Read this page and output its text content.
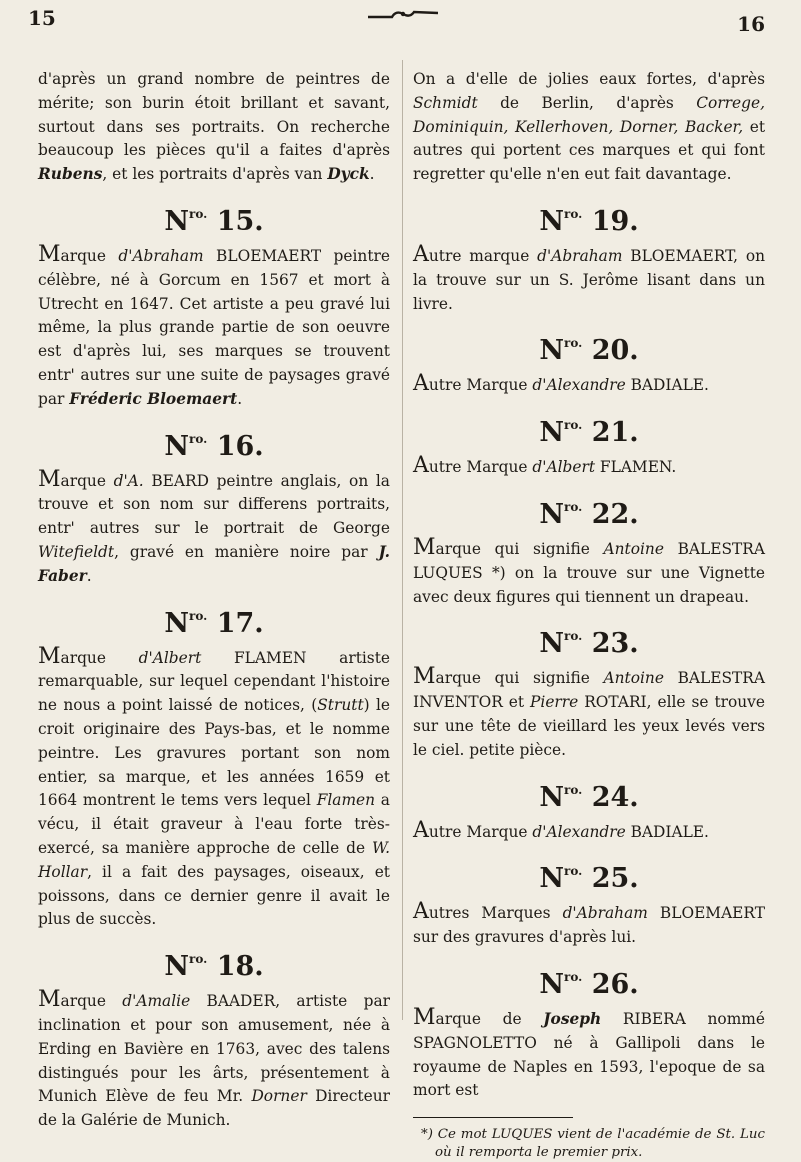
15	16

d'après un grand nombre de peintres de mérite; son burin étoit brillant et savant, surtout dans ses portraits. On recherche beaucoup les pièces qu'il a faites d'après Rubens, et les portraits d'après van Dyck.

$N^{ro.}$ 15.

Marque d'Abraham BLOEMAERT peintre célèbre, né à Gorcum en 1567 et mort à Utrecht en 1647. Cet artiste a peu gravé lui même, la plus grande partie de son oeuvre est d'après lui, ses marques se trouvent entr' autres sur une suite de paysages gravé par Fréderic Bloemaert.

$N^{ro.}$ 16.

Marque d'A. BEARD peintre anglais, on la trouve et son nom sur differens portraits, entr' autres sur le portrait de George Witefieldt, gravé en manière noire par J. Faber.

$N^{ro.}$ 17.

Marque d'Albert FLAMEN artiste remarquable, sur lequel cependant l'histoire ne nous a point laissé de notices, (Strutt) le croit originaire des Pays-bas, et le nomme peintre. Les gravures portant son nom entier, sa marque, et les années 1659 et 1664 montrent le tems vers lequel Flamen a vécu, il était graveur à l'eau forte très-exercé, sa manière approche de celle de W. Hollar, il a fait des paysages, oiseaux, et poissons, dans ce dernier genre il avait le plus de succès.

$N^{ro.}$ 18.

Marque d'Amalie BAADER, artiste par inclination et pour son amusement, née à Erding en Bavière en 1763, avec des talens distingués pour les ârts, présentement à Munich Elève de feu Mr. Dorner Directeur de la Galérie de Munich.

On a d'elle de jolies eaux fortes, d'après Schmidt de Berlin, d'après Correge, Dominiquin, Kellerhoven, Dorner, Backer, et autres qui portent ces marques et qui font regretter qu'elle n'en eut fait davantage.

$N^{ro.}$ 19.

Autre marque d'Abraham BLOEMAERT, on la trouve sur un S. Jerôme lisant dans un livre.

$N^{ro.}$ 20.

Autre Marque d'Alexandre BADIALE.

$N^{ro.}$ 21.

Autre Marque d'Albert FLAMEN.

$N^{ro.}$ 22.

Marque qui signifie Antoine BALESTRA LUQUES *) on la trouve sur une Vignette avec deux figures qui tiennent un drapeau.

$N^{ro.}$ 23.

Marque qui signifie Antoine BALESTRA INVENTOR et Pierre ROTARI, elle se trouve sur une tête de vieillard les yeux levés vers le ciel. petite pièce.

$N^{ro.}$ 24.

Autre Marque d'Alexandre BADIALE.

$N^{ro.}$ 25.

Autres Marques d'Abraham BLOEMAERT sur des gravures d'après lui.

$N^{ro.}$ 26.

Marque de Joseph RIBERA nommé SPAGNOLETTO né à Gallipoli dans le royaume de Naples en 1593, l'epoque de sa mort est

*) Ce mot LUQUES vient de l'académie de St. Luc où il remporta le premier prix.
